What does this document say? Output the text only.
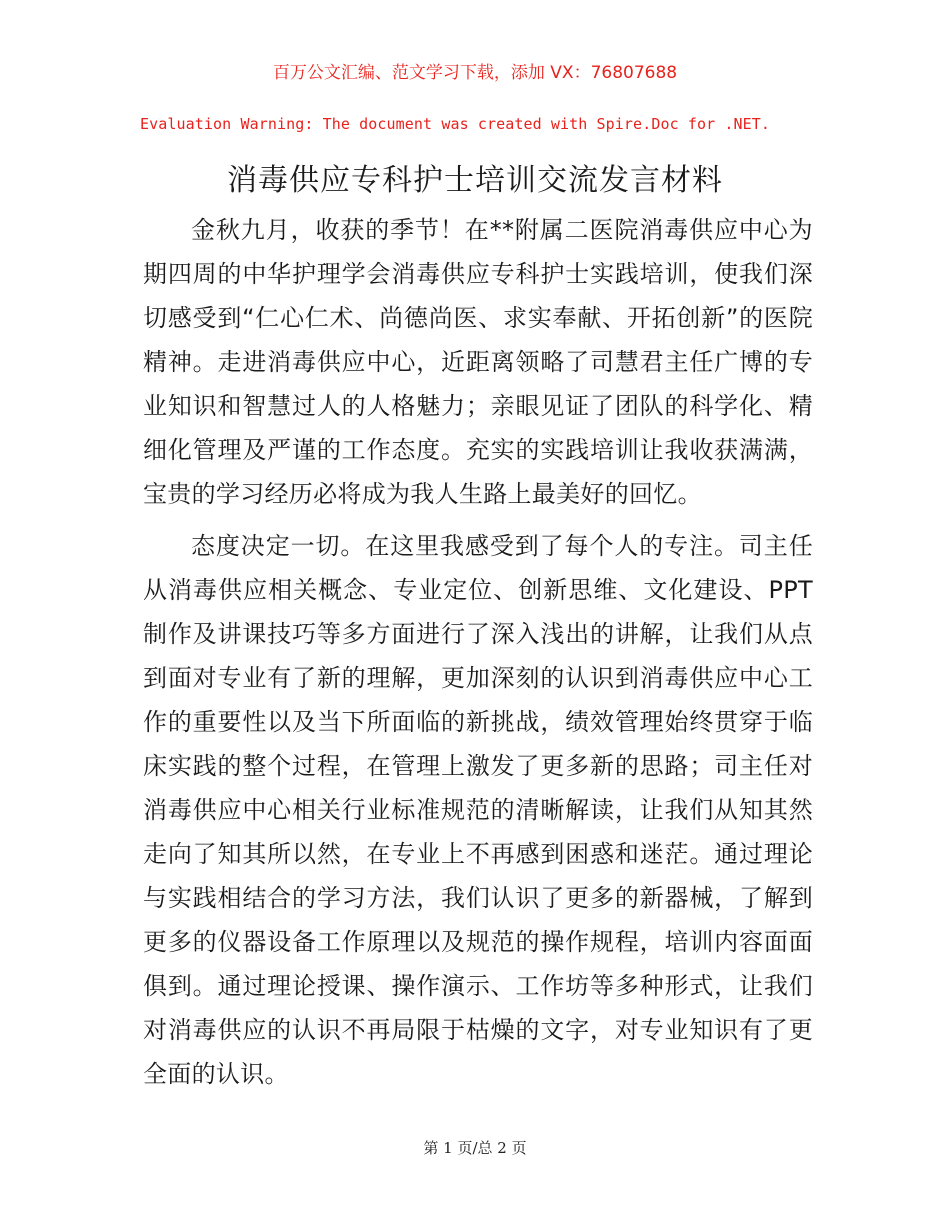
百万公文汇编、范文学习下载，添加 VX：76807688
Evaluation Warning: The document was created with Spire.Doc for .NET.
消毒供应专科护士培训交流发言材料

金秋九月，收获的季节！在**附属二医院消毒供应中心为期四周的中华护理学会消毒供应专科护士实践培训，使我们深切感受到“仁心仁术、尚德尚医、求实奉献、开拓创新”的医院精神。走进消毒供应中心，近距离领略了司慧君主任广博的专业知识和智慧过人的人格魅力；亲眼见证了团队的科学化、精细化管理及严谨的工作态度。充实的实践培训让我收获满满，宝贵的学习经历必将成为我人生路上最美好的回忆。

态度决定一切。在这里我感受到了每个人的专注。司主任从消毒供应相关概念、专业定位、创新思维、文化建设、PPT制作及讲课技巧等多方面进行了深入浅出的讲解，让我们从点到面对专业有了新的理解，更加深刻的认识到消毒供应中心工作的重要性以及当下所面临的新挑战，绩效管理始终贯穿于临床实践的整个过程，在管理上激发了更多新的思路；司主任对消毒供应中心相关行业标准规范的清晰解读，让我们从知其然走向了知其所以然，在专业上不再感到困惑和迷茫。通过理论与实践相结合的学习方法，我们认识了更多的新器械，了解到更多的仪器设备工作原理以及规范的操作规程，培训内容面面俱到。通过理论授课、操作演示、工作坊等多种形式，让我们对消毒供应的认识不再局限于枯燥的文字，对专业知识有了更全面的认识。

第 1 页/总 2 页
